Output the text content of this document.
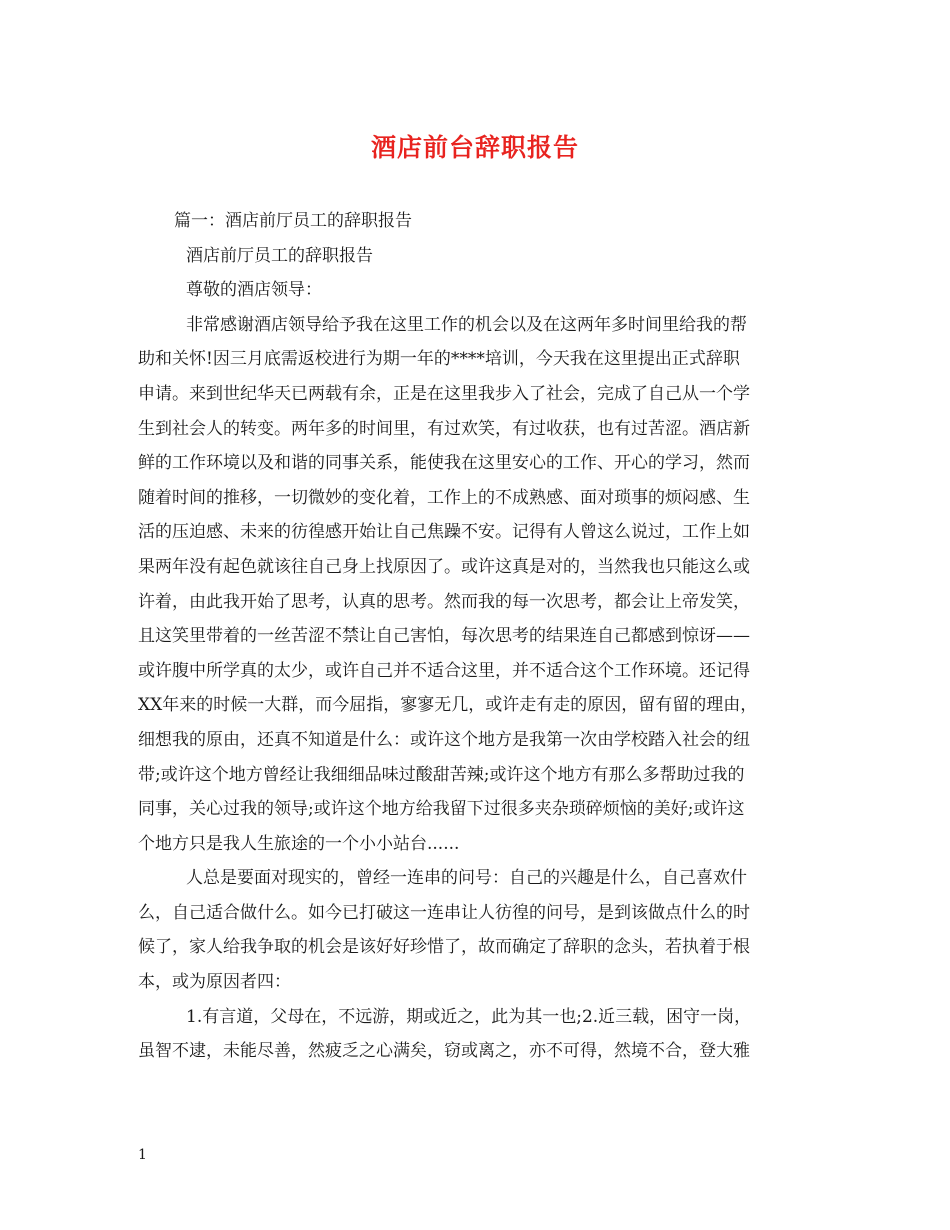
酒店前台辞职报告
篇一：酒店前厅员工的辞职报告
酒店前厅员工的辞职报告
尊敬的酒店领导：
非常感谢酒店领导给予我在这里工作的机会以及在这两年多时间里给我的帮
助和关怀!因三月底需返校进行为期一年的****培训，今天我在这里提出正式辞职
申请。来到世纪华天已两载有余，正是在这里我步入了社会，完成了自己从一个学
生到社会人的转变。两年多的时间里，有过欢笑，有过收获，也有过苦涩。酒店新
鲜的工作环境以及和谐的同事关系，能使我在这里安心的工作、开心的学习，然而
随着时间的推移，一切微妙的变化着，工作上的不成熟感、面对琐事的烦闷感、生
活的压迫感、未来的彷徨感开始让自己焦躁不安。记得有人曾这么说过，工作上如
果两年没有起色就该往自己身上找原因了。或许这真是对的，当然我也只能这么或
许着，由此我开始了思考，认真的思考。然而我的每一次思考，都会让上帝发笑，
且这笑里带着的一丝苦涩不禁让自己害怕，每次思考的结果连自己都感到惊讶——
或许腹中所学真的太少，或许自己并不适合这里，并不适合这个工作环境。还记得
XX年来的时候一大群，而今屈指，寥寥无几，或许走有走的原因，留有留的理由，
细想我的原由，还真不知道是什么：或许这个地方是我第一次由学校踏入社会的纽
带;或许这个地方曾经让我细细品味过酸甜苦辣;或许这个地方有那么多帮助过我的
同事，关心过我的领导;或许这个地方给我留下过很多夹杂琐碎烦恼的美好;或许这
个地方只是我人生旅途的一个小小站台......
人总是要面对现实的，曾经一连串的问号：自己的兴趣是什么，自己喜欢什
么，自己适合做什么。如今已打破这一连串让人彷徨的问号，是到该做点什么的时
候了，家人给我争取的机会是该好好珍惜了，故而确定了辞职的念头，若执着于根
本，或为原因者四：
1.有言道，父母在，不远游，期或近之，此为其一也;2.近三载，困守一岗，
虽智不逮，未能尽善，然疲乏之心满矣，窃或离之，亦不可得，然境不合，登大雅
1
